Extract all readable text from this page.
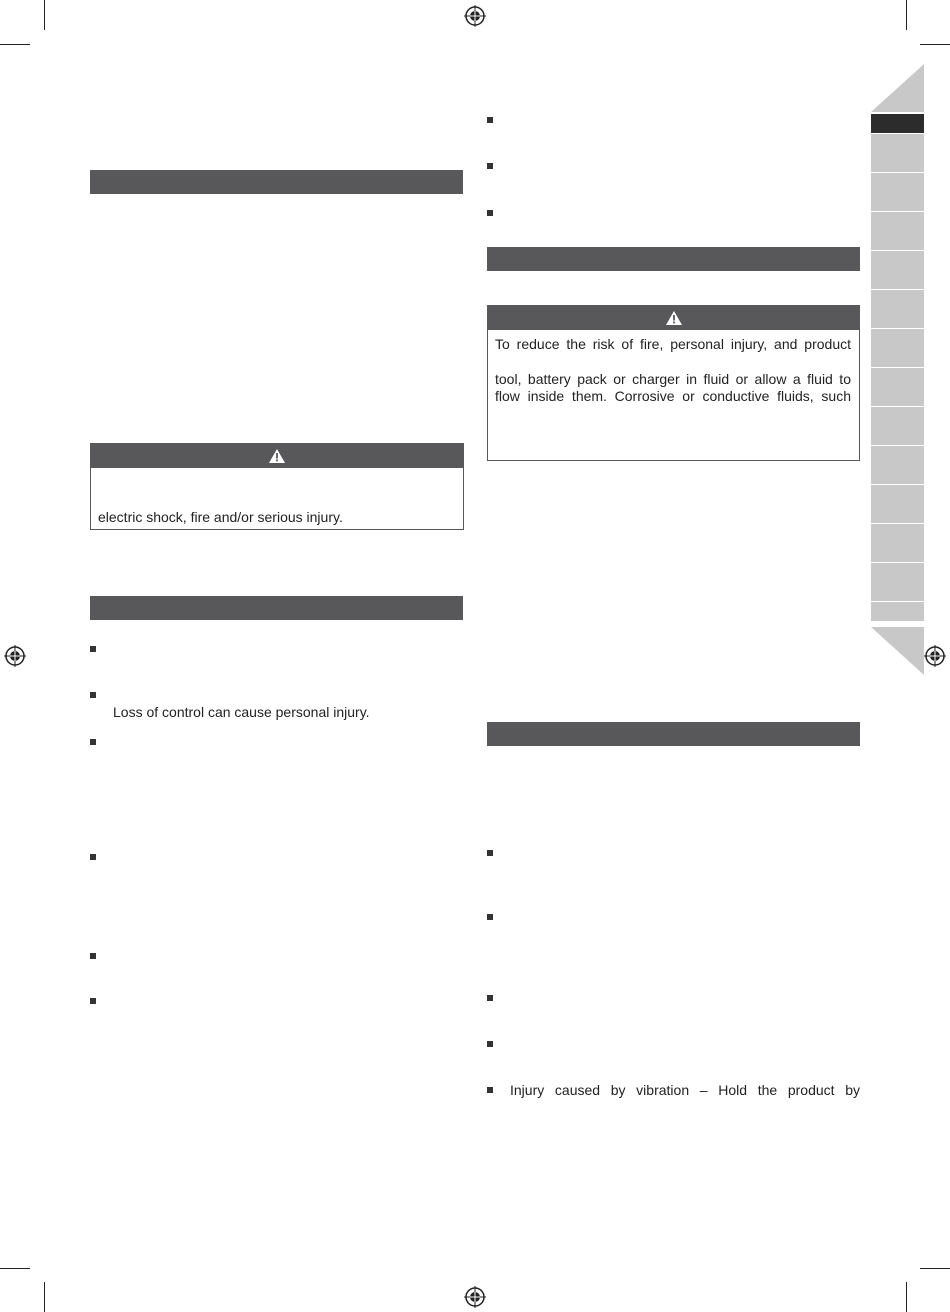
electric shock, fire and/or serious injury.
Loss of control can cause personal injury.
To reduce the risk of fire, personal injury, and product
tool, battery pack or charger in fluid or allow a fluid to
flow inside them. Corrosive or conductive fluids, such
Injury caused by vibration – Hold the product by
